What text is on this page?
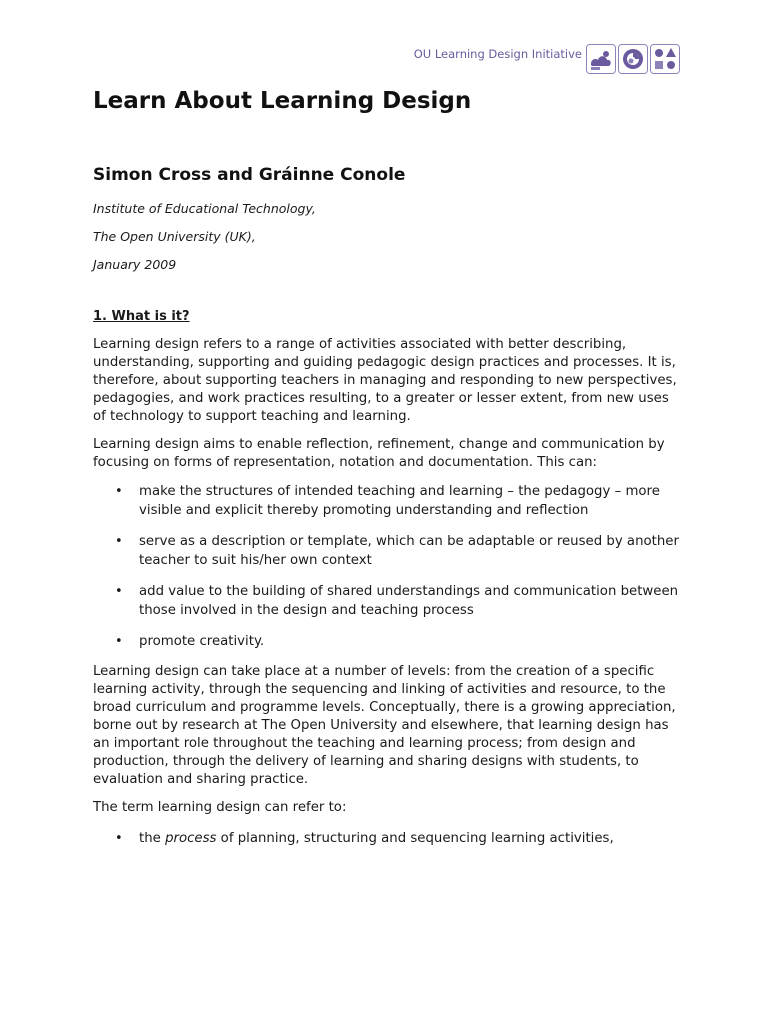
OU Learning Design Initiative
Learn About Learning Design
Simon Cross and Gráinne Conole

Institute of Educational Technology,

The Open University (UK),

January 2009

1. What is it?

Learning design refers to a range of activities associated with better describing, understanding, supporting and guiding pedagogic design practices and processes. It is, therefore, about supporting teachers in managing and responding to new perspectives, pedagogies, and work practices resulting, to a greater or lesser extent, from new uses of technology to support teaching and learning.

Learning design aims to enable reflection, refinement, change and communication by focusing on forms of representation, notation and documentation. This can:

• make the structures of intended teaching and learning – the pedagogy – more visible and explicit thereby promoting understanding and reflection
• serve as a description or template, which can be adaptable or reused by another teacher to suit his/her own context
• add value to the building of shared understandings and communication between those involved in the design and teaching process
• promote creativity.

Learning design can take place at a number of levels: from the creation of a specific learning activity, through the sequencing and linking of activities and resource, to the broad curriculum and programme levels. Conceptually, there is a growing appreciation, borne out by research at The Open University and elsewhere, that learning design has an important role throughout the teaching and learning process; from design and production, through the delivery of learning and sharing designs with students, to evaluation and sharing practice.

The term learning design can refer to:

• the process of planning, structuring and sequencing learning activities,
